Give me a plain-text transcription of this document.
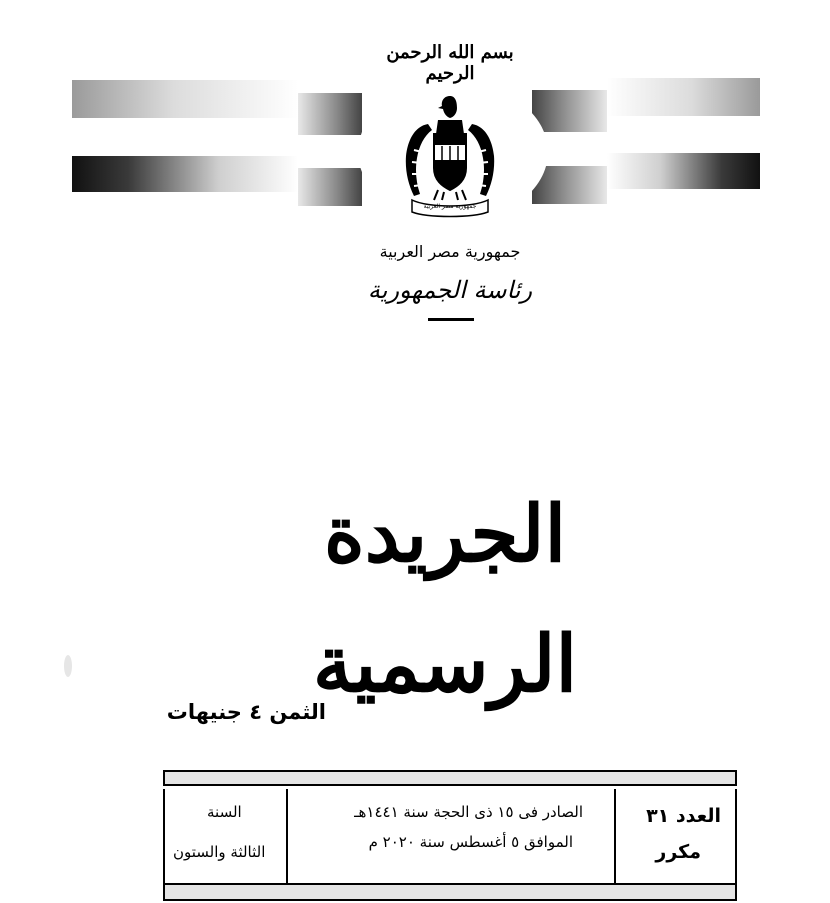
بسم الله الرحمن الرحيم
جمهورية مصر العربية
جمهورية مصر العربية
رئاسة الجمهورية
الجريدة الرسمية
الثمن ٤ جنيهات
العدد ٣١
مكرر
الصادر فى ١٥ ذى الحجة سنة ١٤٤١هـ
الموافق ٥ أغسطس سنة ٢٠٢٠ م
السنة
الثالثة والستون
